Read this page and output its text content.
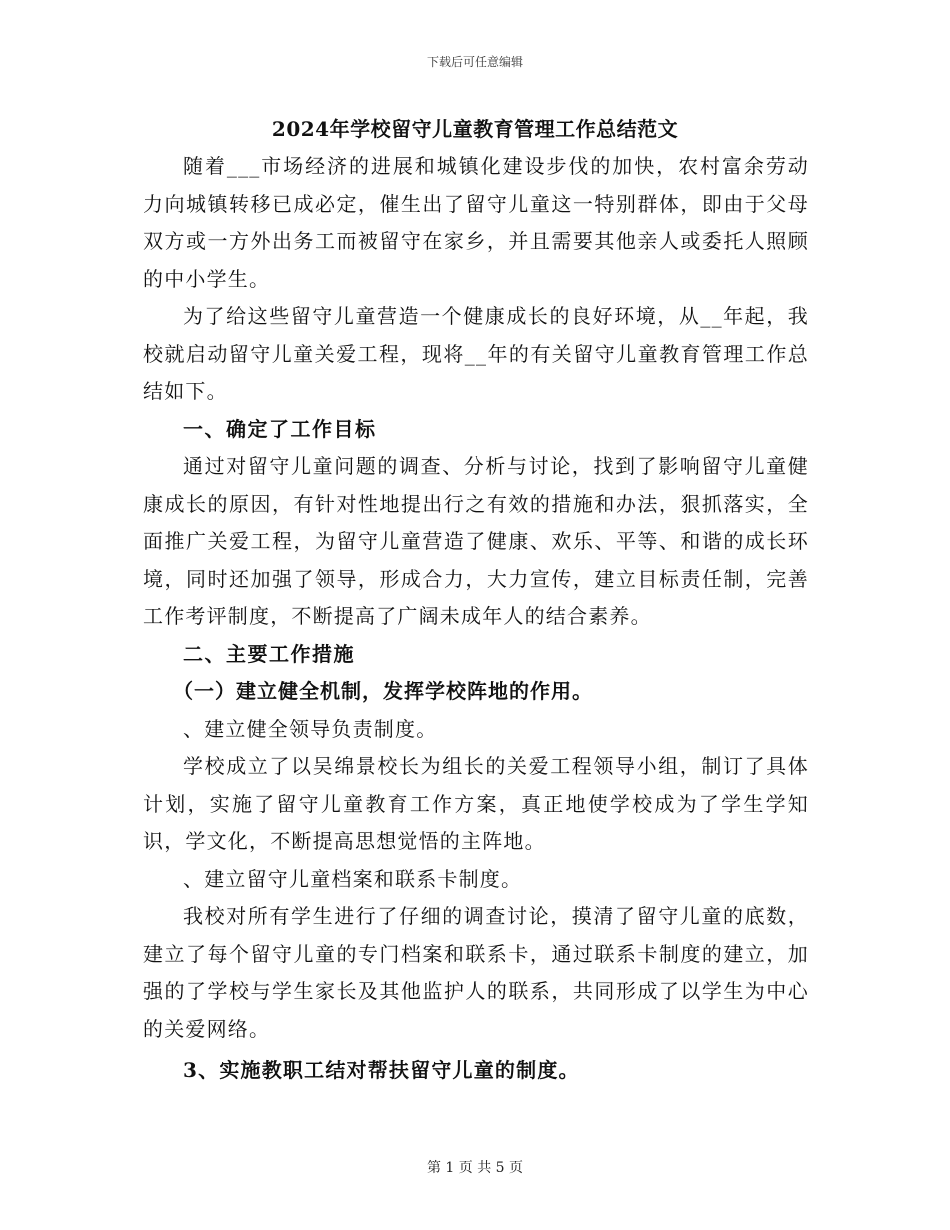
下载后可任意编辑
2024年学校留守儿童教育管理工作总结范文

随着___市场经济的进展和城镇化建设步伐的加快，农村富余劳动力向城镇转移已成必定，催生出了留守儿童这一特别群体，即由于父母双方或一方外出务工而被留守在家乡，并且需要其他亲人或委托人照顾的中小学生。

为了给这些留守儿童营造一个健康成长的良好环境，从__年起，我校就启动留守儿童关爱工程，现将__年的有关留守儿童教育管理工作总结如下。

一、确定了工作目标

通过对留守儿童问题的调查、分析与讨论，找到了影响留守儿童健康成长的原因，有针对性地提出行之有效的措施和办法，狠抓落实，全面推广关爱工程，为留守儿童营造了健康、欢乐、平等、和谐的成长环境，同时还加强了领导，形成合力，大力宣传，建立目标责任制，完善工作考评制度，不断提高了广阔未成年人的结合素养。

二、主要工作措施

（一）建立健全机制，发挥学校阵地的作用。

、建立健全领导负责制度。

学校成立了以吴绵景校长为组长的关爱工程领导小组，制订了具体计划，实施了留守儿童教育工作方案，真正地使学校成为了学生学知识，学文化，不断提高思想觉悟的主阵地。

、建立留守儿童档案和联系卡制度。

我校对所有学生进行了仔细的调查讨论，摸清了留守儿童的底数，建立了每个留守儿童的专门档案和联系卡，通过联系卡制度的建立，加强的了学校与学生家长及其他监护人的联系，共同形成了以学生为中心的关爱网络。

3、实施教职工结对帮扶留守儿童的制度。

第 1 页 共 5 页
